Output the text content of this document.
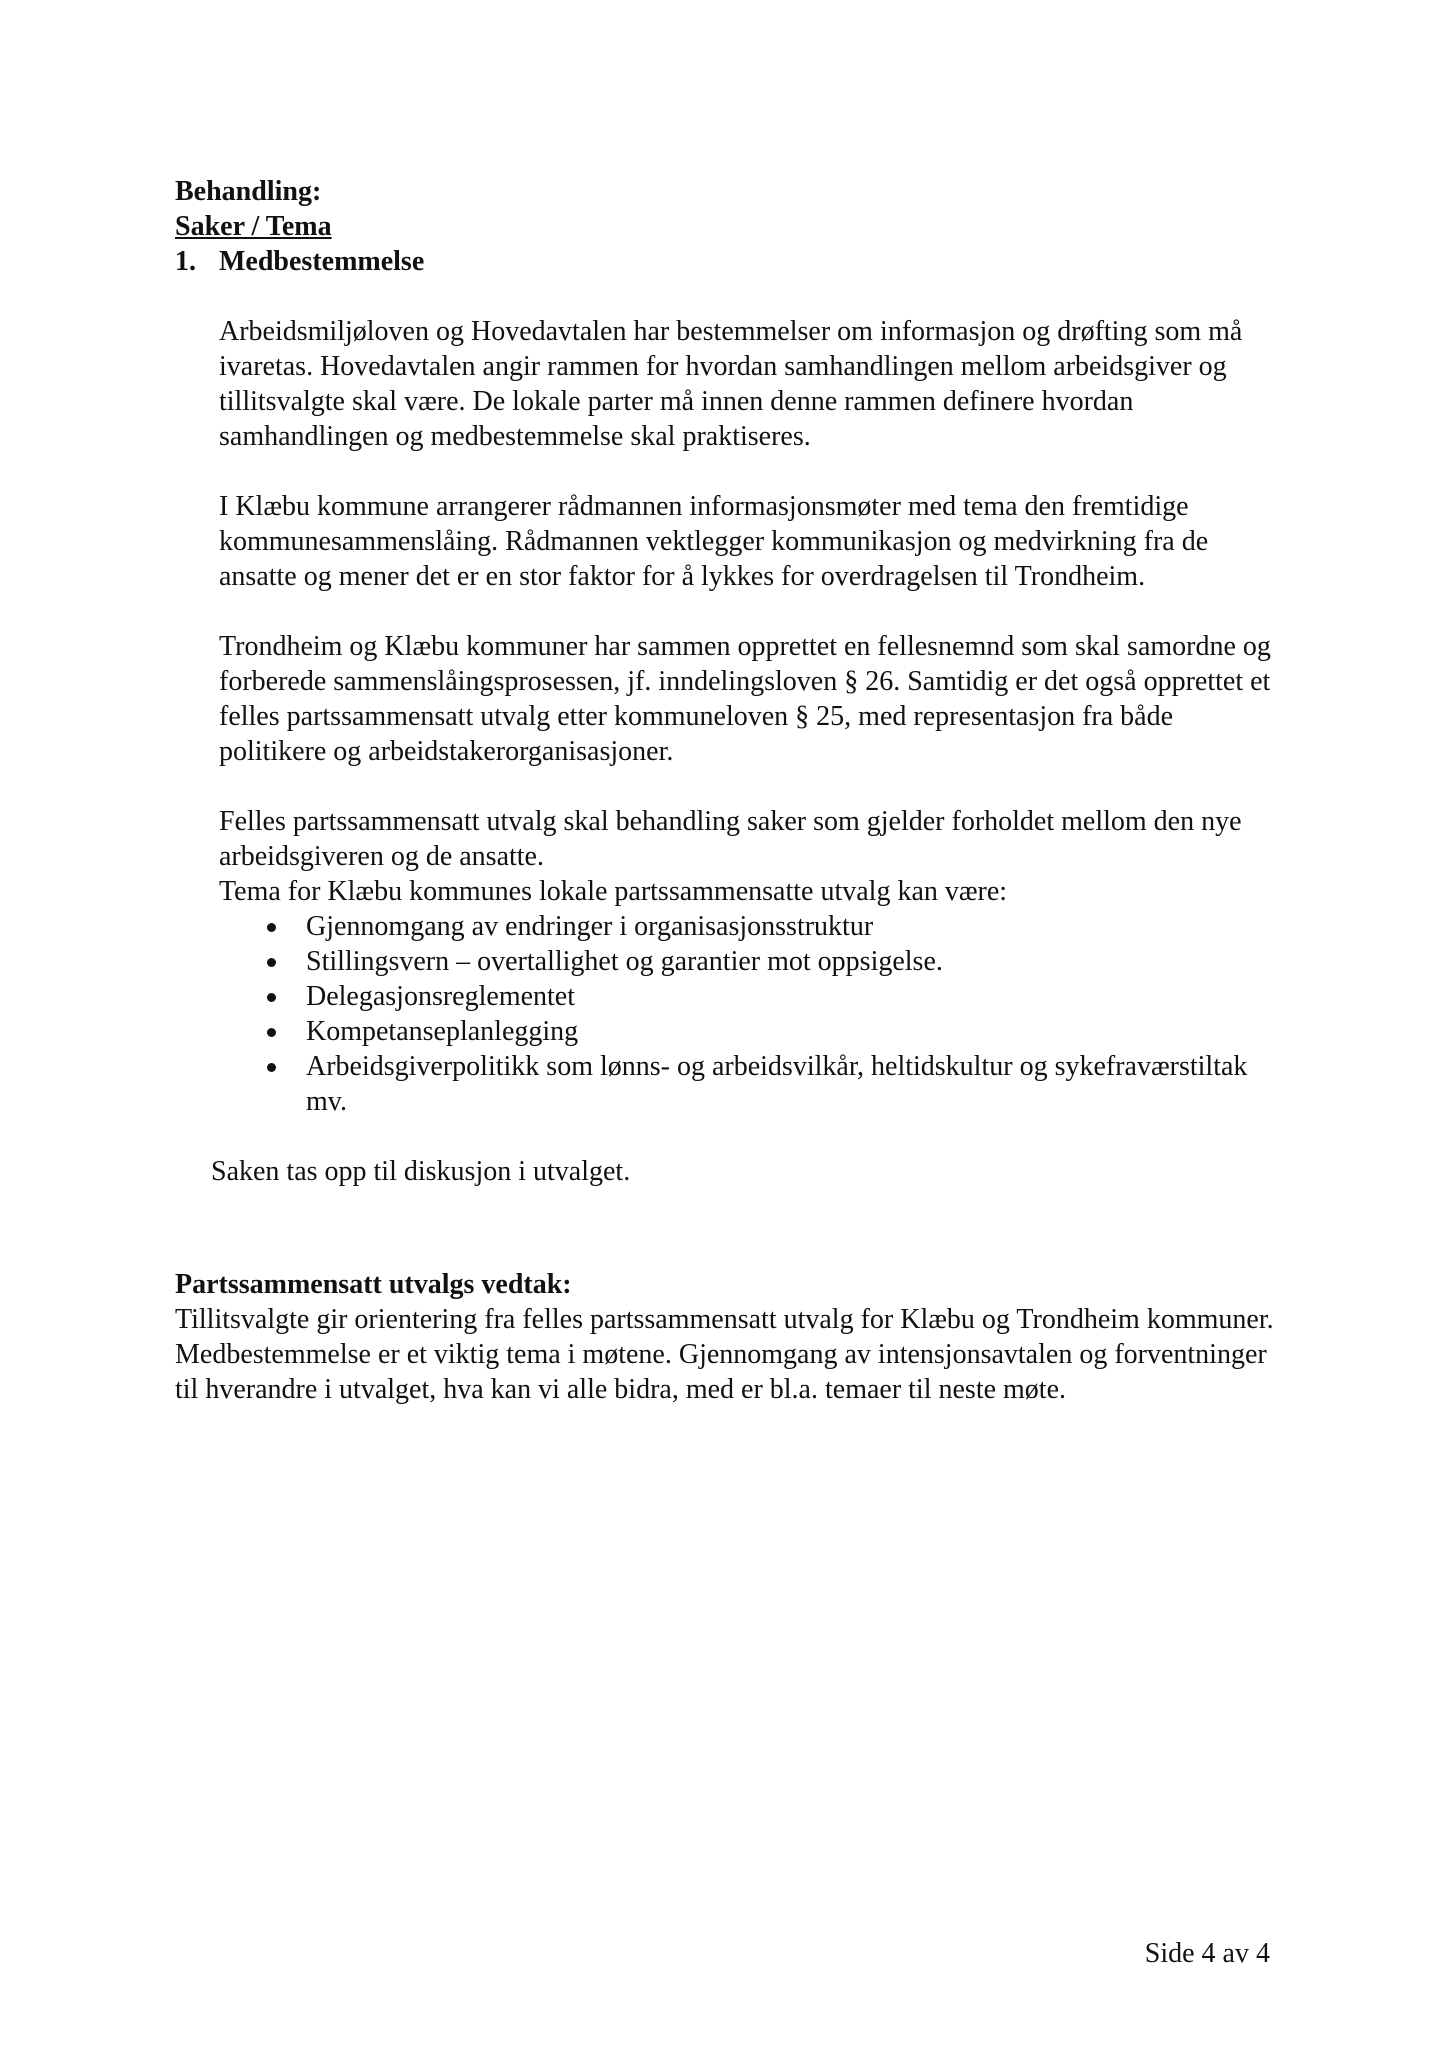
Behandling:

Saker / Tema

1. Medbestemmelse

Arbeidsmiljøloven og Hovedavtalen har bestemmelser om informasjon og drøfting som må ivaretas. Hovedavtalen angir rammen for hvordan samhandlingen mellom arbeidsgiver og tillitsvalgte skal være. De lokale parter må innen denne rammen definere hvordan samhandlingen og medbestemmelse skal praktiseres.

I Klæbu kommune arrangerer rådmannen informasjonsmøter med tema den fremtidige kommunesammenslåing. Rådmannen vektlegger kommunikasjon og medvirkning fra de ansatte og mener det er en stor faktor for å lykkes for overdragelsen til Trondheim.

Trondheim og Klæbu kommuner har sammen opprettet en fellesnemnd som skal samordne og forberede sammenslåingsprosessen, jf. inndelingsloven § 26. Samtidig er det også opprettet et felles partssammensatt utvalg etter kommuneloven § 25, med representasjon fra både politikere og arbeidstakerorganisasjoner.

Felles partssammensatt utvalg skal behandling saker som gjelder forholdet mellom den nye arbeidsgiveren og de ansatte.

Tema for Klæbu kommunes lokale partssammensatte utvalg kan være:

Gjennomgang av endringer i organisasjonsstruktur
Stillingsvern – overtallighet og garantier mot oppsigelse.
Delegasjonsreglementet
Kompetanseplanlegging
Arbeidsgiverpolitikk som lønns- og arbeidsvilkår, heltidskultur og sykefraværstiltak mv.

Saken tas opp til diskusjon i utvalget.

Partssammensatt utvalgs vedtak:

Tillitsvalgte gir orientering fra felles partssammensatt utvalg for Klæbu og Trondheim kommuner. Medbestemmelse er et viktig tema i møtene. Gjennomgang av intensjonsavtalen og forventninger til hverandre i utvalget, hva kan vi alle bidra, med er bl.a. temaer til neste møte.

Side 4 av 4
